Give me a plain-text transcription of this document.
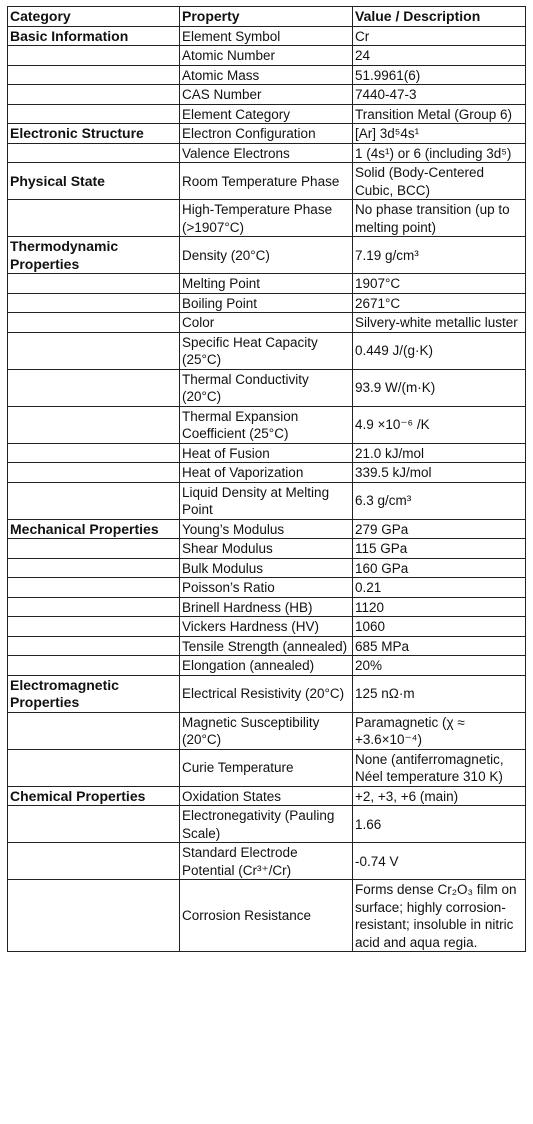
Category	Property	Value / Description
Basic Information	Element Symbol	Cr
	Atomic Number	24
	Atomic Mass	51.9961(6)
	CAS Number	7440-47-3
	Element Category	Transition Metal (Group 6)
Electronic Structure	Electron Configuration	[Ar] 3d⁵4s¹
	Valence Electrons	1 (4s¹) or 6 (including 3d⁵)
Physical State	Room Temperature Phase	Solid (Body-Centered Cubic, BCC)
	High-Temperature Phase (>1907°C)	No phase transition (up to melting point)
Thermodynamic Properties	Density (20°C)	7.19 g/cm³
	Melting Point	1907°C
	Boiling Point	2671°C
	Color	Silvery-white metallic luster
	Specific Heat Capacity (25°C)	0.449 J/(g·K)
	Thermal Conductivity (20°C)	93.9 W/(m·K)
	Thermal Expansion Coefficient (25°C)	4.9 ×10⁻⁶ /K
	Heat of Fusion	21.0 kJ/mol
	Heat of Vaporization	339.5 kJ/mol
	Liquid Density at Melting Point	6.3 g/cm³
Mechanical Properties	Young’s Modulus	279 GPa
	Shear Modulus	115 GPa
	Bulk Modulus	160 GPa
	Poisson’s Ratio	0.21
	Brinell Hardness (HB)	1120
	Vickers Hardness (HV)	1060
	Tensile Strength (annealed)	685 MPa
	Elongation (annealed)	20%
Electromagnetic Properties	Electrical Resistivity (20°C)	125 nΩ·m
	Magnetic Susceptibility (20°C)	Paramagnetic (χ ≈ +3.6×10⁻⁴)
	Curie Temperature	None (antiferromagnetic, Néel temperature 310 K)
Chemical Properties	Oxidation States	+2, +3, +6 (main)
	Electronegativity (Pauling Scale)	1.66
	Standard Electrode Potential (Cr³⁺/Cr)	-0.74 V
	Corrosion Resistance	Forms dense Cr₂O₃ film on surface; highly corrosion-resistant; insoluble in nitric acid and aqua regia.
